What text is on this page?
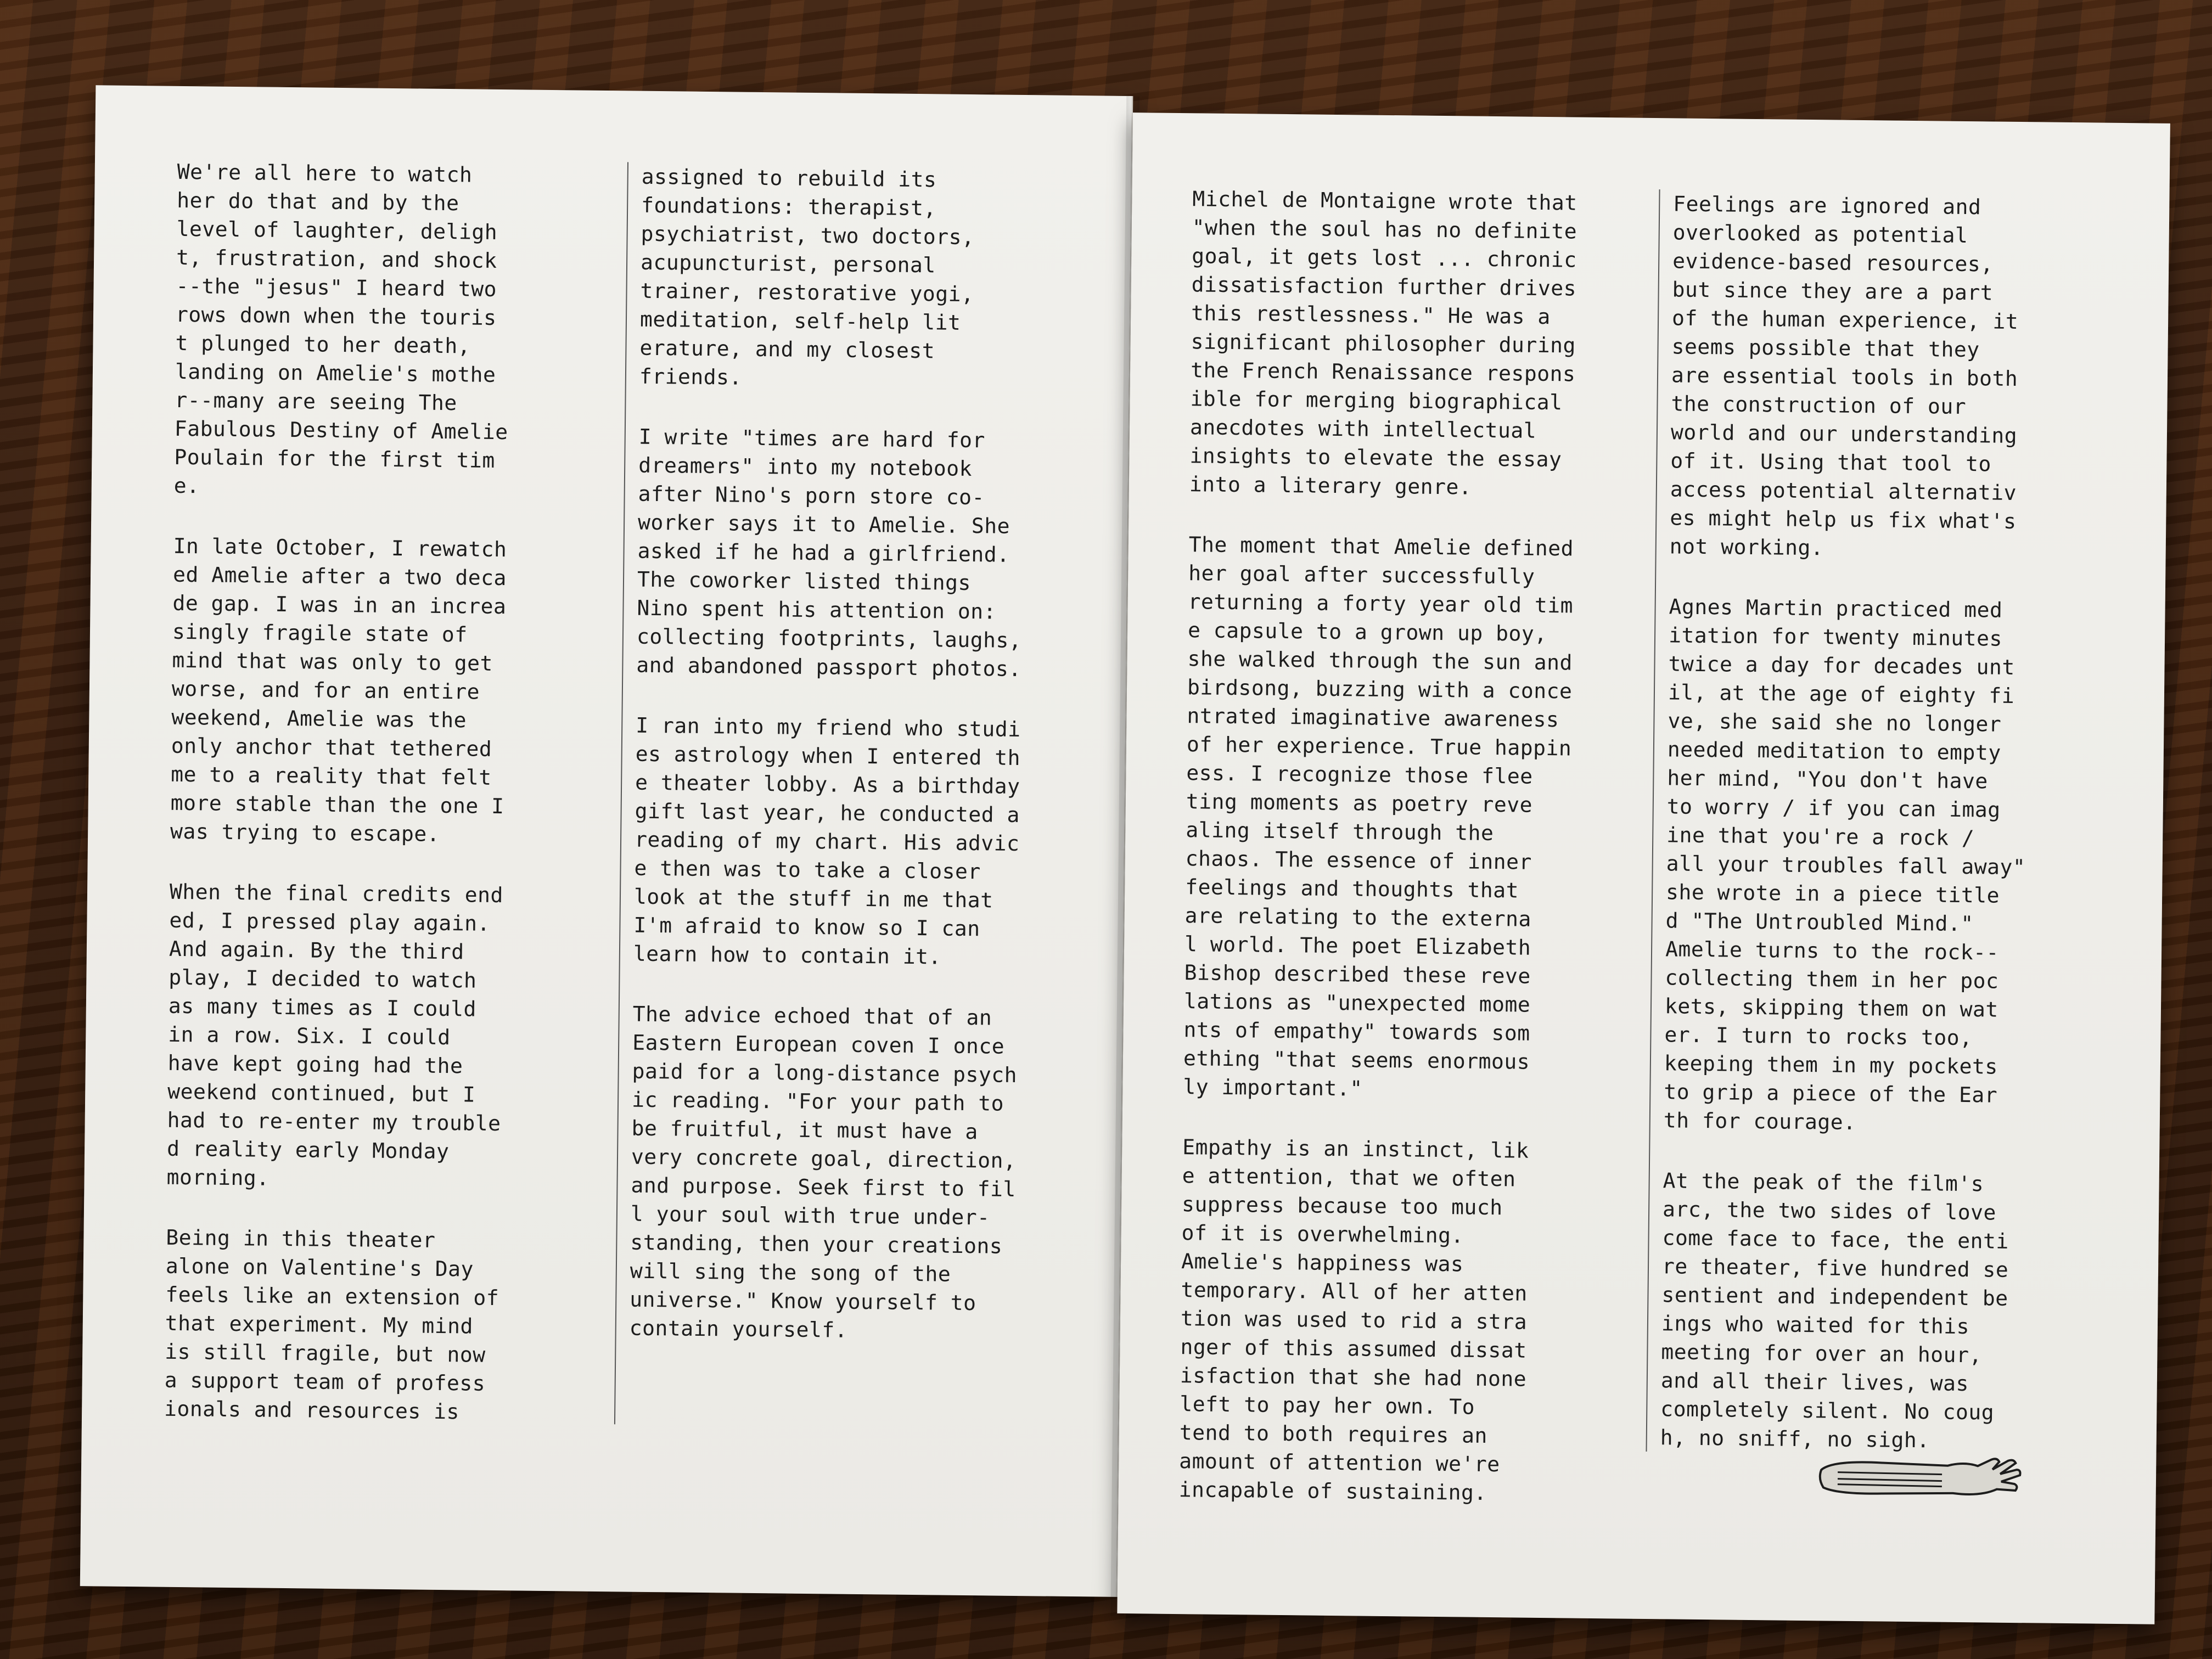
We're all here to watch
her do that and by the
level of laughter, deligh
t, frustration, and shock
--the "jesus" I heard two
rows down when the touris
t plunged to her death,
landing on Amelie's mothe
r--many are seeing The
Fabulous Destiny of Amelie
Poulain for the first tim
e.

In late October, I rewatch
ed Amelie after a two deca
de gap. I was in an increa
singly fragile state of
mind that was only to get
worse, and for an entire
weekend, Amelie was the
only anchor that tethered
me to a reality that felt
more stable than the one I
was trying to escape.

When the final credits end
ed, I pressed play again.
And again. By the third
play, I decided to watch
as many times as I could
in a row. Six. I could
have kept going had the
weekend continued, but I
had to re-enter my trouble
d reality early Monday
morning.

Being in this theater
alone on Valentine's Day
feels like an extension of
that experiment. My mind
is still fragile, but now
a support team of profess
ionals and resources is

assigned to rebuild its
foundations: therapist,
psychiatrist, two doctors,
acupuncturist, personal
trainer, restorative yogi,
meditation, self-help lit
erature, and my closest
friends.

I write "times are hard for
dreamers" into my notebook
after Nino's porn store co-
worker says it to Amelie. She
asked if he had a girlfriend.
The coworker listed things
Nino spent his attention on:
collecting footprints, laughs,
and abandoned passport photos.

I ran into my friend who studi
es astrology when I entered th
e theater lobby. As a birthday
gift last year, he conducted a
reading of my chart. His advic
e then was to take a closer
look at the stuff in me that
I'm afraid to know so I can
learn how to contain it.

The advice echoed that of an
Eastern European coven I once
paid for a long-distance psych
ic reading. "For your path to
be fruitful, it must have a
very concrete goal, direction,
and purpose. Seek first to fil
l your soul with true under-
standing, then your creations
will sing the song of the
universe." Know yourself to
contain yourself.

Michel de Montaigne wrote that
"when the soul has no definite
goal, it gets lost ... chronic
dissatisfaction further drives
this restlessness." He was a
significant philosopher during
the French Renaissance respons
ible for merging biographical
anecdotes with intellectual
insights to elevate the essay
into a literary genre.

The moment that Amelie defined
her goal after successfully
returning a forty year old tim
e capsule to a grown up boy,
she walked through the sun and
birdsong, buzzing with a conce
ntrated imaginative awareness
of her experience. True happin
ess. I recognize those flee
ting moments as poetry reve
aling itself through the
chaos. The essence of inner
feelings and thoughts that
are relating to the externa
l world. The poet Elizabeth
Bishop described these reve
lations as "unexpected mome
nts of empathy" towards som
ething "that seems enormous
ly important."

Empathy is an instinct, lik
e attention, that we often
suppress because too much
of it is overwhelming.
Amelie's happiness was
temporary. All of her atten
tion was used to rid a stra
nger of this assumed dissat
isfaction that she had none
left to pay her own. To
tend to both requires an
amount of attention we're
incapable of sustaining.

Feelings are ignored and
overlooked as potential
evidence-based resources,
but since they are a part
of the human experience, it
seems possible that they
are essential tools in both
the construction of our
world and our understanding
of it. Using that tool to
access potential alternativ
es might help us fix what's
not working.

Agnes Martin practiced med
itation for twenty minutes
twice a day for decades unt
il, at the age of eighty fi
ve, she said she no longer
needed meditation to empty
her mind, "You don't have
to worry / if you can imag
ine that you're a rock /
all your troubles fall away"
she wrote in a piece title
d "The Untroubled Mind."
Amelie turns to the rock--
collecting them in her poc
kets, skipping them on wat
er. I turn to rocks too,
keeping them in my pockets
to grip a piece of the Ear
th for courage.

At the peak of the film's
arc, the two sides of love
come face to face, the enti
re theater, five hundred se
sentient and independent be
ings who waited for this
meeting for over an hour,
and all their lives, was
completely silent. No coug
h, no sniff, no sigh.
